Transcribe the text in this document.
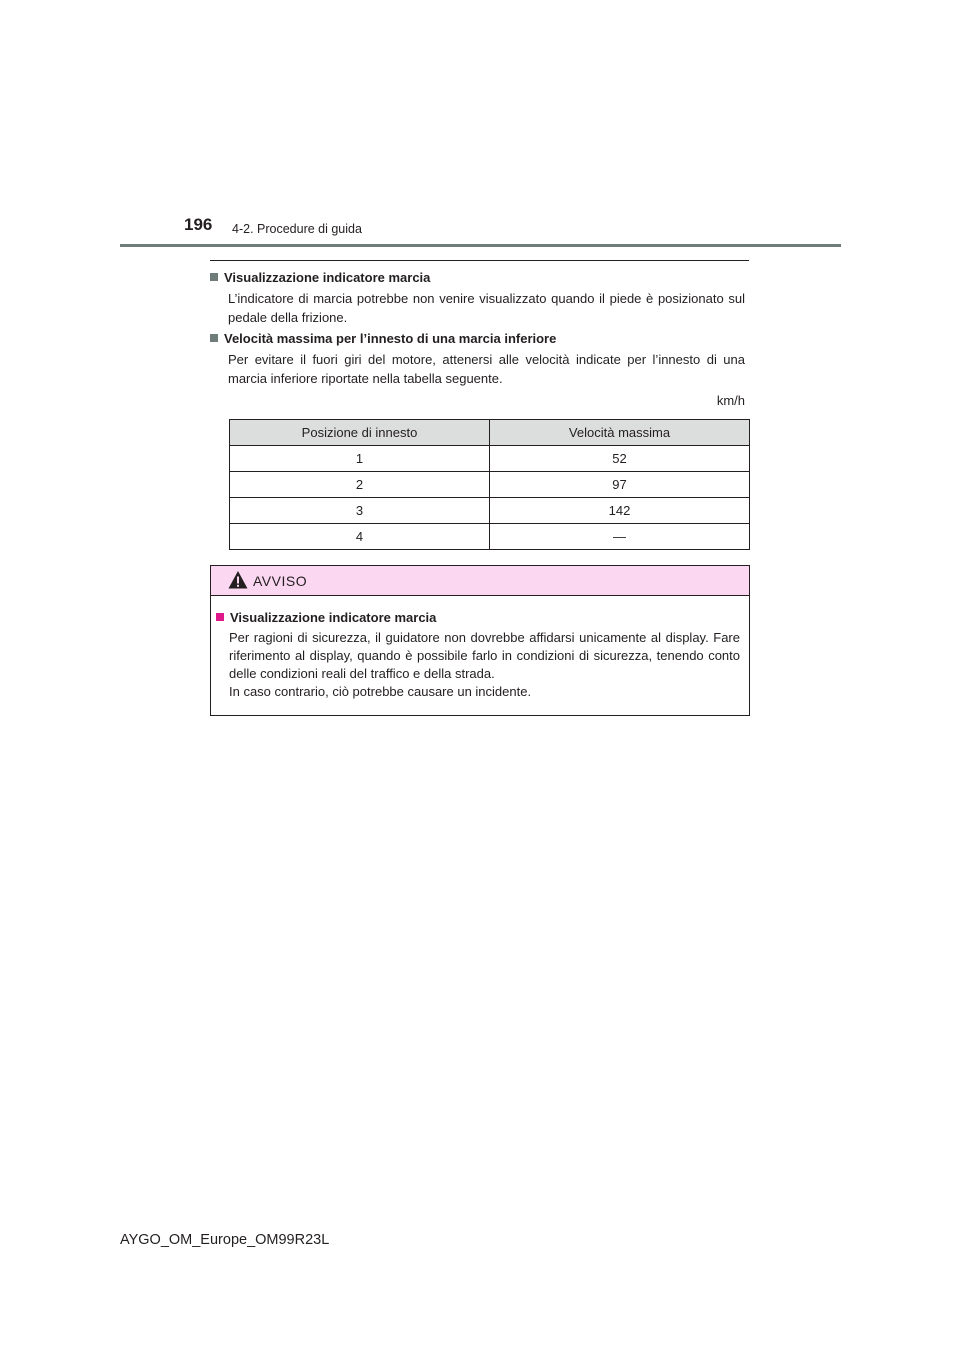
196 4-2. Procedure di guida
Visualizzazione indicatore marcia
L’indicatore di marcia potrebbe non venire visualizzato quando il piede è posizionato sul pedale della frizione.
Velocità massima per l’innesto di una marcia inferiore
Per evitare il fuori giri del motore, attenersi alle velocità indicate per l’innesto di una marcia inferiore riportate nella tabella seguente.
km/h
Posizione di innesto	Velocità massima
1	52
2	97
3	142
4	—
AVVISO
Visualizzazione indicatore marcia
Per ragioni di sicurezza, il guidatore non dovrebbe affidarsi unicamente al display. Fare riferimento al display, quando è possibile farlo in condizioni di sicurezza, tenendo conto delle condizioni reali del traffico e della strada.
In caso contrario, ciò potrebbe causare un incidente.
AYGO_OM_Europe_OM99R23L
